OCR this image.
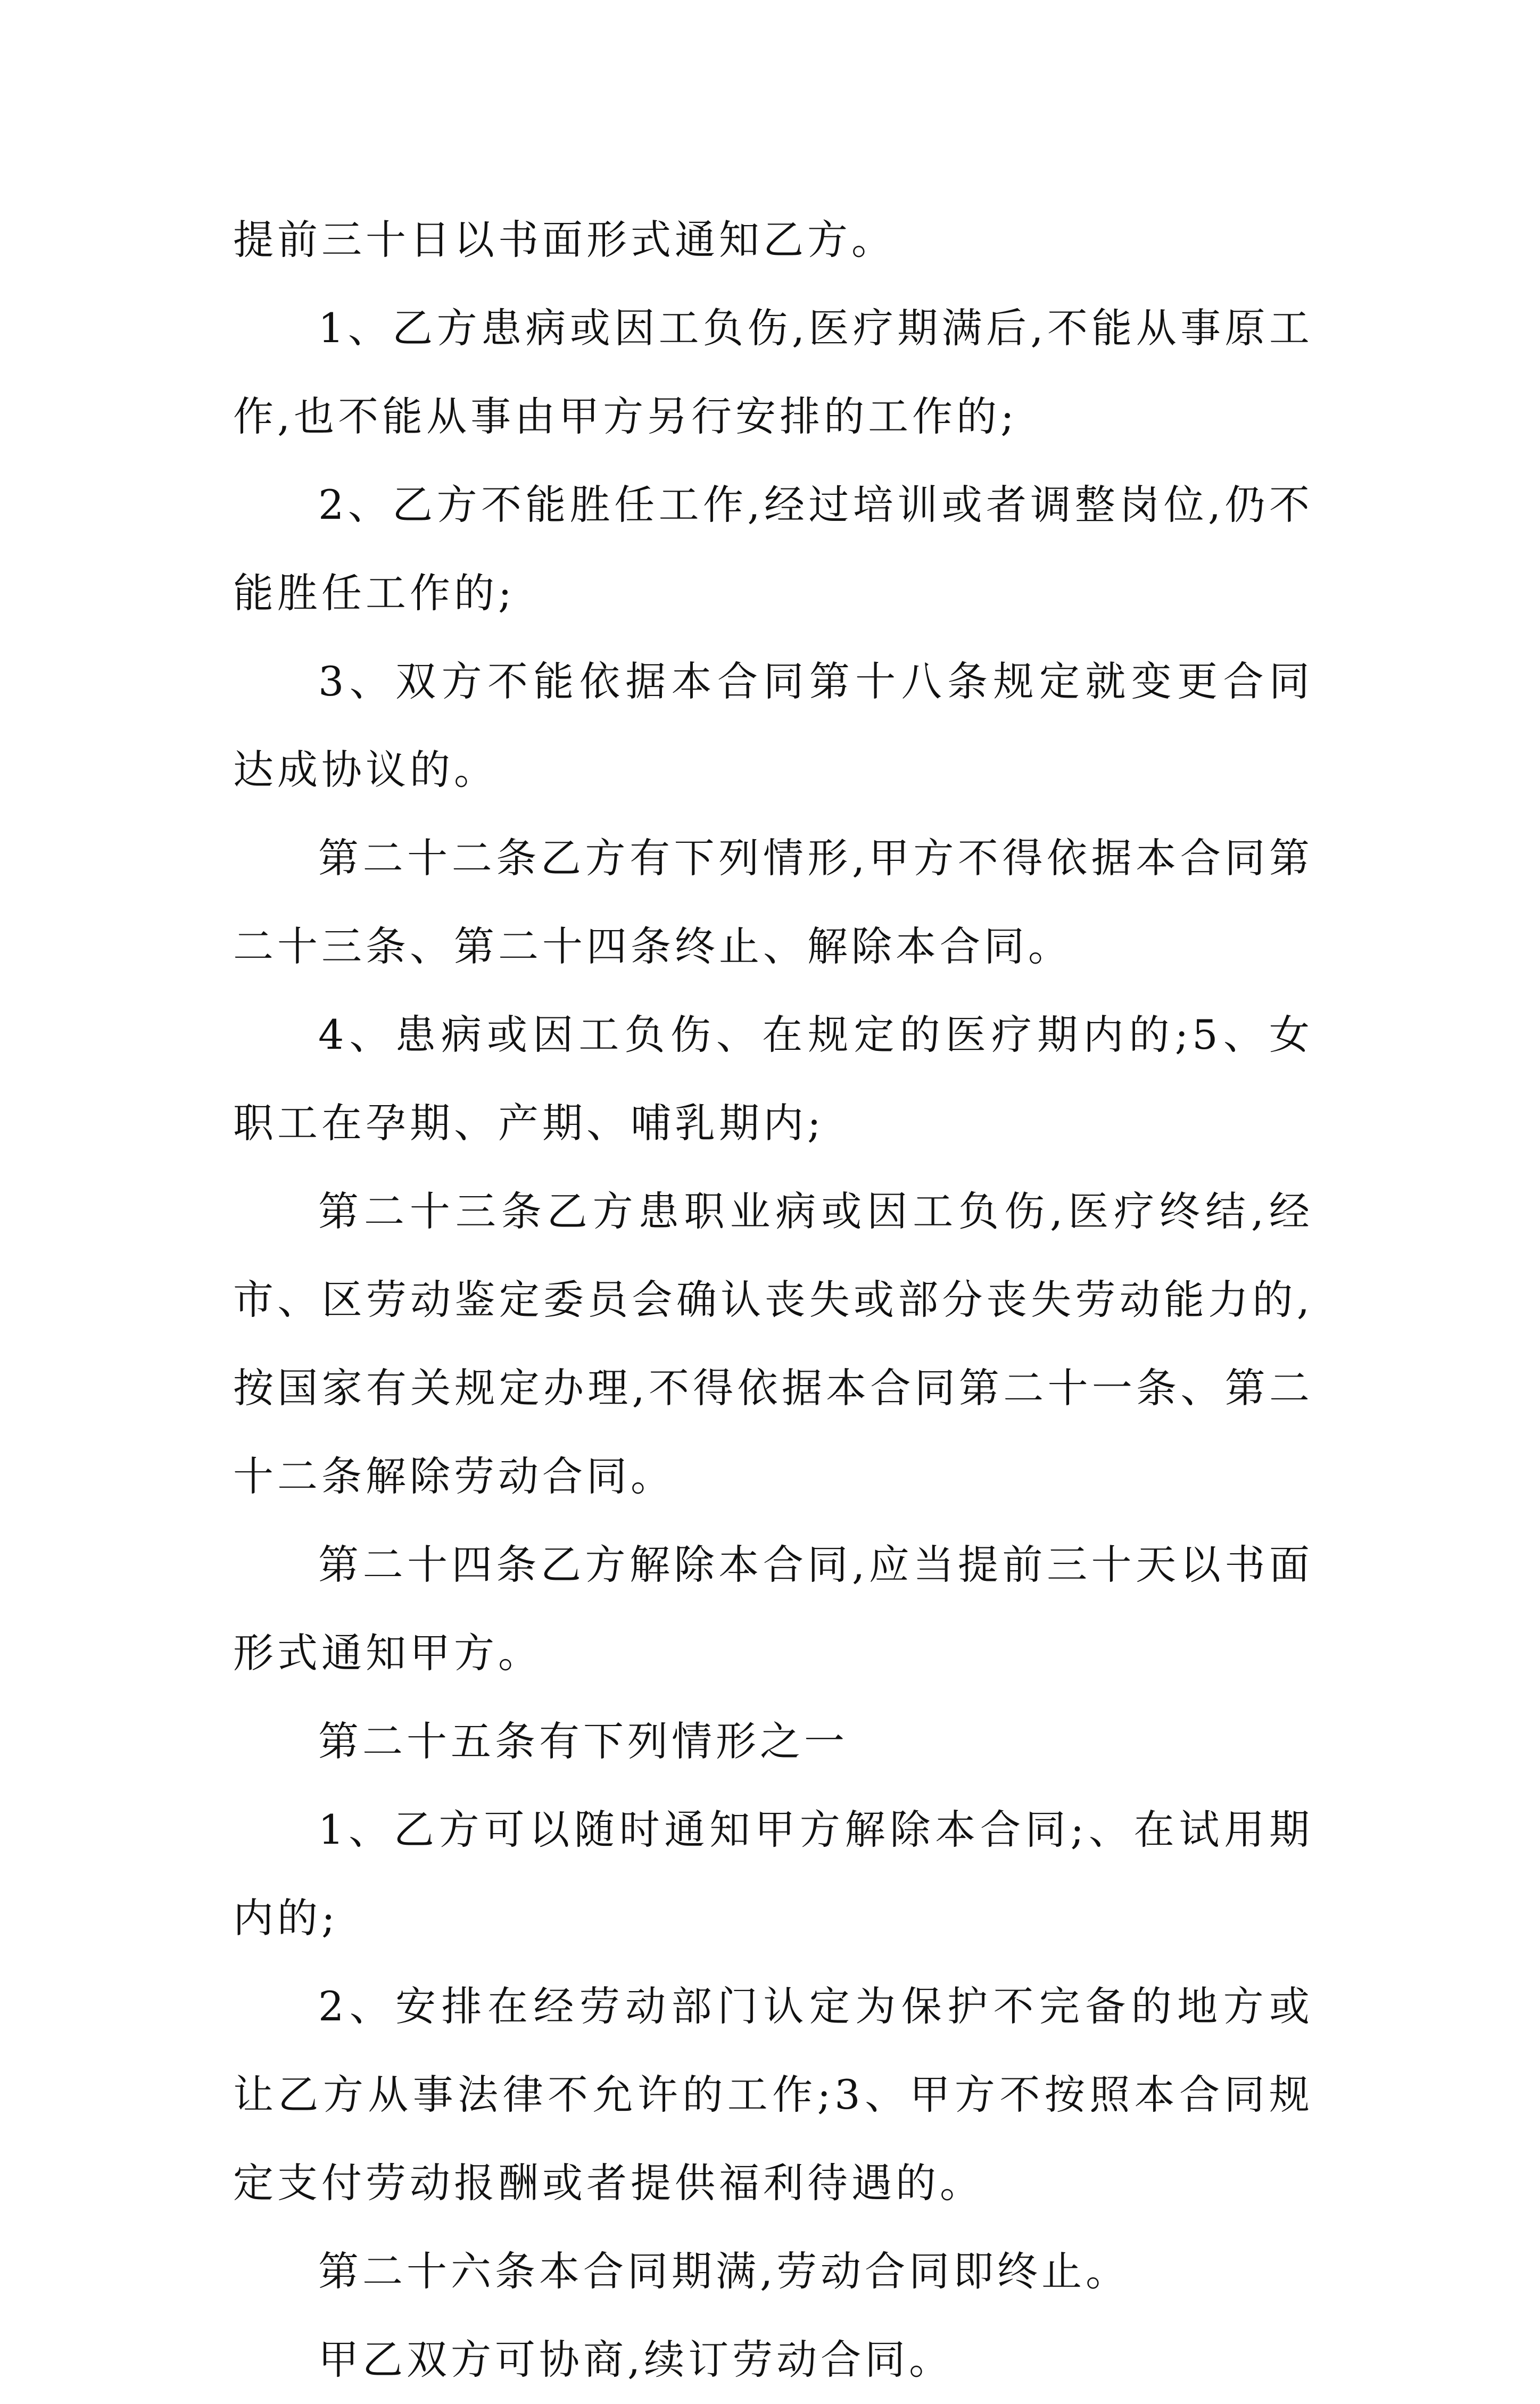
提前三十日以书面形式通知乙方。

1、乙方患病或因工负伤,医疗期满后,不能从事原工作,也不能从事由甲方另行安排的工作的;

2、乙方不能胜任工作,经过培训或者调整岗位,仍不能胜任工作的;

3、双方不能依据本合同第十八条规定就变更合同达成协议的。

第二十二条乙方有下列情形,甲方不得依据本合同第二十三条、第二十四条终止、解除本合同。

4、患病或因工负伤、在规定的医疗期内的;5、女职工在孕期、产期、哺乳期内;

第二十三条乙方患职业病或因工负伤,医疗终结,经市、区劳动鉴定委员会确认丧失或部分丧失劳动能力的,按国家有关规定办理,不得依据本合同第二十一条、第二十二条解除劳动合同。

第二十四条乙方解除本合同,应当提前三十天以书面形式通知甲方。

第二十五条有下列情形之一

1、乙方可以随时通知甲方解除本合同;、在试用期内的;

2、安排在经劳动部门认定为保护不完备的地方或让乙方从事法律不允许的工作;3、甲方不按照本合同规定支付劳动报酬或者提供福利待遇的。

第二十六条本合同期满,劳动合同即终止。

甲乙双方可协商,续订劳动合同。
